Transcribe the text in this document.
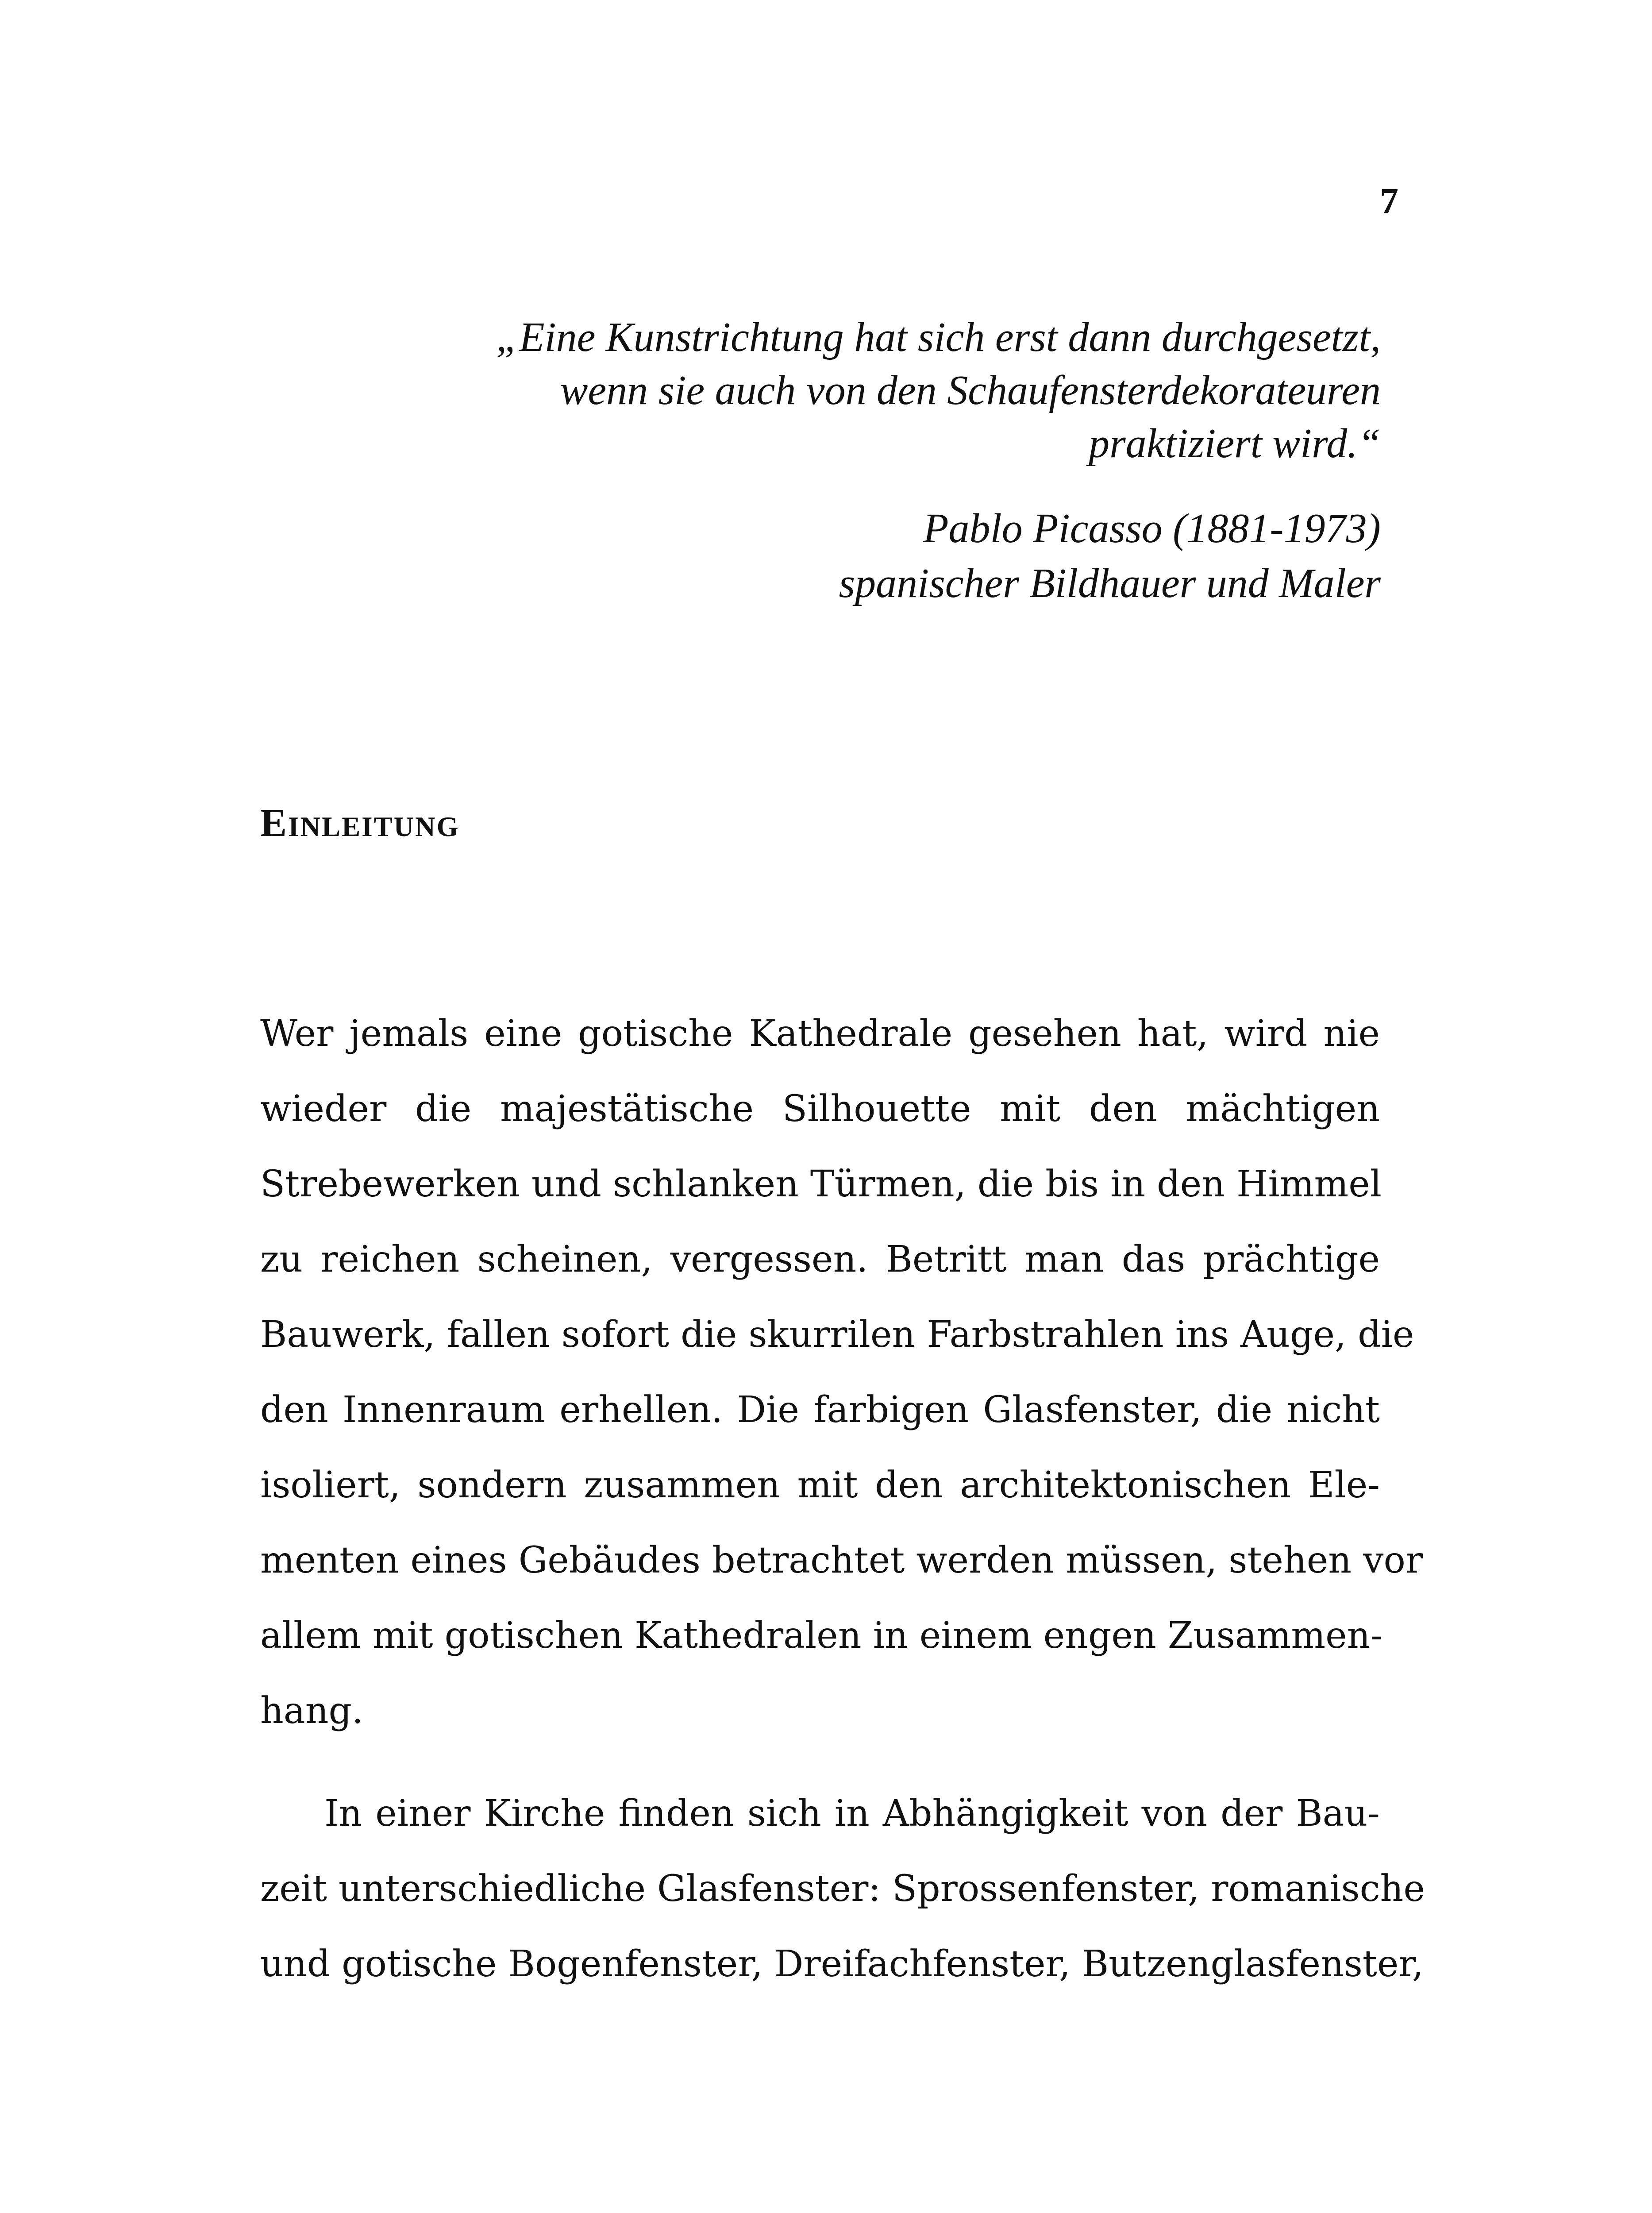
7
„Eine Kunstrichtung hat sich erst dann durchgesetzt,
wenn sie auch von den Schaufensterdekorateuren
praktiziert wird.“
Pablo Picasso (1881-1973)
spanischer Bildhauer und Maler
Einleitung
Wer jemals eine gotische Kathedrale gesehen hat, wird nie
wieder die majestätische Silhouette mit den mächtigen
Strebewerken und schlanken Türmen, die bis in den Himmel
zu reichen scheinen, vergessen. Betritt man das prächtige
Bauwerk, fallen sofort die skurrilen Farbstrahlen ins Auge, die
den Innenraum erhellen. Die farbigen Glasfenster, die nicht
isoliert, sondern zusammen mit den architektonischen Ele-
menten eines Gebäudes betrachtet werden müssen, stehen vor
allem mit gotischen Kathedralen in einem engen Zusammen-
hang.
In einer Kirche finden sich in Abhängigkeit von der Bau-
zeit unterschiedliche Glasfenster: Sprossenfenster, romanische
und gotische Bogenfenster, Dreifachfenster, Butzenglasfenster,
